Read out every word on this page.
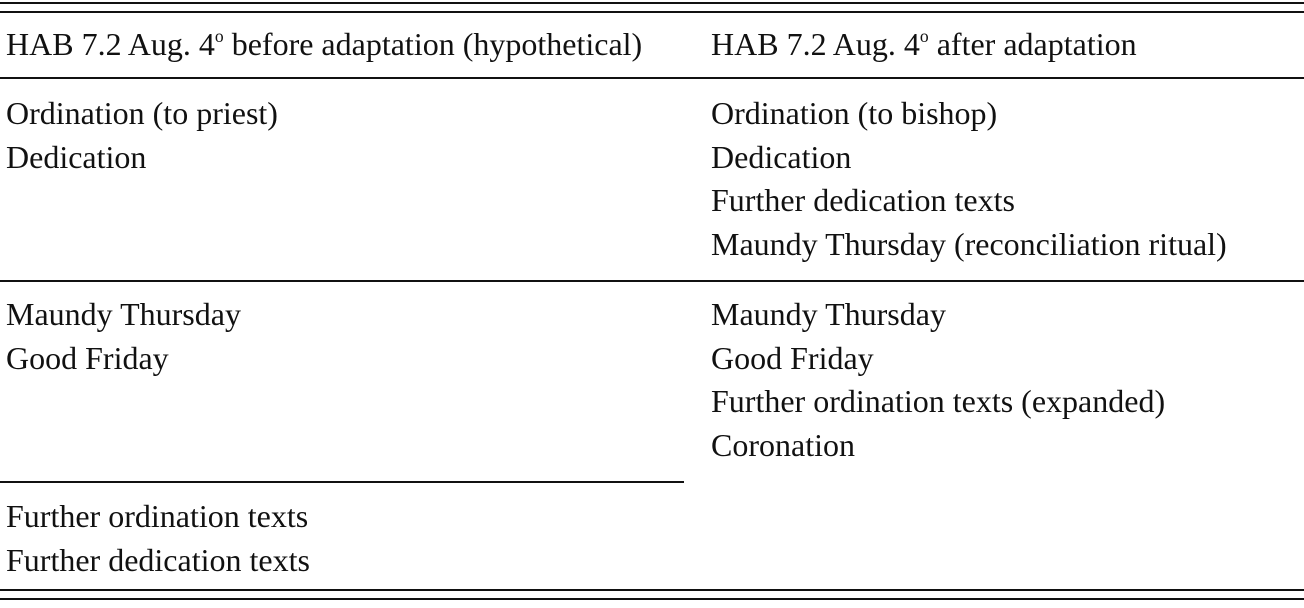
HAB 7.2 Aug. 4$^o$ before adaptation (hypothetical) HAB 7.2 Aug. 4$^o$ after adaptation
Ordination (to priest)
Dedication
Ordination (to bishop)
Dedication
Further dedication texts
Maundy Thursday (reconciliation ritual)
Maundy Thursday
Good Friday
Maundy Thursday
Good Friday
Further ordination texts (expanded)
Coronation
Further ordination texts
Further dedication texts
